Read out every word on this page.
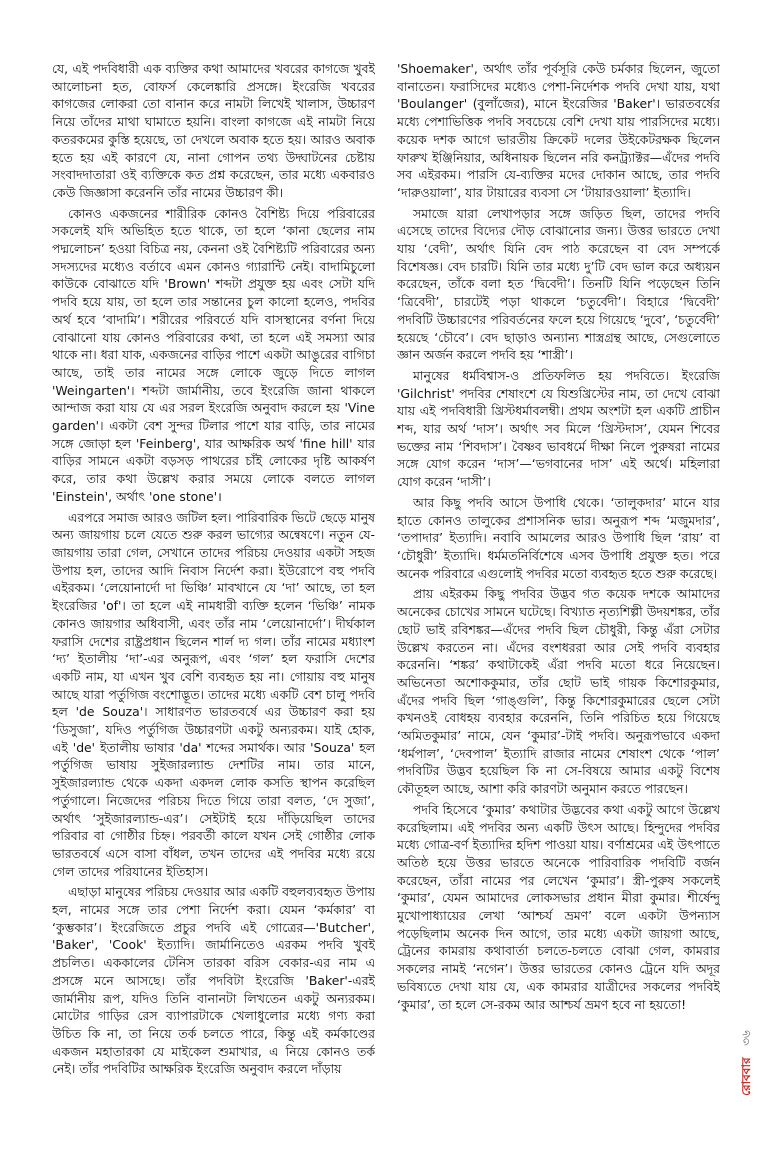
যে, এই পদবিধারী এক ব্যক্তির কথা আমাদের খবরের কাগজে খুবই আলোচনা হত, বোফর্স কেলেঙ্কারি প্রসঙ্গে। ইংরেজি খবরের কাগজের লোকরা তো বানান করে নামটা লিখেই খালাস, উচ্চারণ নিয়ে তাঁদের মাথা ঘামাতে হয়নি। বাংলা কাগজে এই নামটা নিয়ে কতরকমের কুস্তি হয়েছে, তা দেখলে অবাক হতে হয়। আরও অবাক হতে হয় এই কারণে যে, নানা গোপন তথ্য উদ্ঘাটনের চেষ্টায় সংবাদদাতারা ওই ব্যক্তিকে কত প্রশ্ন করেছেন, তার মধ্যে একবারও কেউ জিজ্ঞাসা করেননি তাঁর নামের উচ্চারণ কী।

কোনও একজনের শারীরিক কোনও বৈশিষ্ট্য দিয়ে পরিবারের সকলেই যদি অভিহিত হতে থাকে, তা হলে ‘কানা ছেলের নাম পদ্মলোচন’ হওয়া বিচিত্র নয়, কেননা ওই বৈশিষ্ট্যটি পরিবারের অন্য সদস্যদের মধ্যেও বর্তাবে এমন কোনও গ্যারান্টি নেই। বাদামিচুলো কাউকে বোঝাতে যদি 'Brown' শব্দটা প্রযুক্ত হয় এবং সেটা যদি পদবি হয়ে যায়, তা হলে তার সন্তানের চুল কালো হলেও, পদবির অর্থ হবে ‘বাদামি’। শরীরের পরিবর্তে যদি বাসস্থানের বর্ণনা দিয়ে বোঝানো যায় কোনও পরিবারের কথা, তা হলে এই সমস্যা আর থাকে না। ধরা যাক, একজনের বাড়ির পাশে একটা আঙুরের বাগিচা আছে, তাই তার নামের সঙ্গে লোকে জুড়ে দিতে লাগল 'Weingarten'। শব্দটা জার্মানীয়, তবে ইংরেজি জানা থাকলে আন্দাজ করা যায় যে এর সরল ইংরেজি অনুবাদ করলে হয় 'Vine garden'। একটা বেশ সুন্দর টিলার পাশে যার বাড়ি, তার নামের সঙ্গে জোড়া হল 'Feinberg', যার আক্ষরিক অর্থ 'fine hill' যার বাড়ির সামনে একটা বড়সড় পাথরের চাঁই লোকের দৃষ্টি আকর্ষণ করে, তার কথা উল্লেখ করার সময়ে লোকে বলতে লাগল 'Einstein', অর্থাৎ 'one stone'।

এরপরে সমাজ আরও জটিল হল। পারিবারিক ভিটে ছেড়ে মানুষ অন্য জায়গায় চলে যেতে শুরু করল ভাগ্যের অন্বেষণে। নতুন যে-জায়গায় তারা গেল, সেখানে তাদের পরিচয় দেওয়ার একটা সহজ উপায় হল, তাদের আদি নিবাস নির্দেশ করা। ইউরোপে বহু পদবি এইরকম। ‘লেয়োনার্দো দা ভিঞ্চি’ মাবখানে যে ‘দা’ আছে, তা হল ইংরেজির 'of'। তা হলে এই নামধারী ব্যক্তি হলেন ‘ভিঞ্চি’ নামক কোনও জায়গার অধিবাসী, এবং তাঁর নাম ‘লেয়োনার্দো’। দীর্ঘকাল ফরাসি দেশের রাষ্ট্রপ্রধান ছিলেন শার্ল দ্য গল। তাঁর নামের মধ্যাংশ ‘দ্য’ ইতালীয় ‘দা’-এর অনুরূপ, এবং ‘গল’ হল ফরাসি দেশের একটি নাম, যা এখন খুব বেশি ব্যবহৃত হয় না। গোয়ায় বহু মানুষ আছে যারা পর্তুগিজ বংশোদ্ভূত। তাদের মধ্যে একটি বেশ চালু পদবি হল 'de Souza'। সাধারণত ভারতবর্ষে এর উচ্চারণ করা হয় ‘ডিসুজা’, যদিও পর্তুগিজ উচ্চারণটা একটু অন্যরকম। যাই হোক, এই 'de' ইতালীয় ভাষার 'da' শব্দের সমার্থক। আর 'Souza' হল পর্তুগিজ ভাষায় সুইজারল্যান্ড দেশটির নাম। তার মানে, সুইজারল্যান্ড থেকে একদা একদল লোক কসতি স্থাপন করেছিল পর্তুগালে। নিজেদের পরিচয় দিতে গিয়ে তারা বলত, ‘দে সুজা’, অর্থাৎ ‘সুইজারল্যান্ড-এর’। সেইটাই হয়ে দাঁড়িয়েছিল তাদের পরিবার বা গোষ্ঠীর চিহ্ন। পরবর্তী কালে যখন সেই গোষ্ঠীর লোক ভারতবর্ষে এসে বাসা বাঁধল, তখন তাদের এই পদবির মধ্যে রয়ে গেল তাদের পরিযানের ইতিহাস।

এছাড়া মানুষের পরিচয় দেওয়ার আর একটি বহুলব্যবহৃত উপায় হল, নামের সঙ্গে তার পেশা নির্দেশ করা। যেমন ‘কর্মকার’ বা ‘কুম্ভকার’। ইংরেজিতে প্রচুর পদবি এই গোত্রের—'Butcher', 'Baker', 'Cook' ইত্যাদি। জার্মানিতেও এরকম পদবি খুবই প্রচলিত। এককালের টেনিস তারকা বরিস বেকার-এর নাম এ প্রসঙ্গে মনে আসছে। তাঁর পদবিটা ইংরেজি 'Baker'-এরই জার্মানীয় রূপ, যদিও তিনি বানানটা লিখতেন একটু অন্যরকম। মোটোর গাড়ির রেস ব্যাপারটাকে খেলাধুলোর মধ্যে গণ্য করা উচিত কি না, তা নিয়ে তর্ক চলতে পারে, কিন্তু এই কর্মকাণ্ডের একজন মহাতারকা যে মাইকেল শুমাখার, এ নিয়ে কোনও তর্ক নেই। তাঁর পদবিটির আক্ষরিক ইংরেজি অনুবাদ করলে দাঁড়ায়

'Shoemaker', অর্থাৎ তাঁর পূর্বসূরি কেউ চর্মকার ছিলেন, জুতো বানাতেন। ফরাসিদের মধ্যেও পেশা-নির্দেশক পদবি দেখা যায়, যথা 'Boulanger' (বুলাঁজের), মানে ইংরেজির 'Baker'। ভারতবর্ষের মধ্যে পেশাভিত্তিক পদবি সবচেয়ে বেশি দেখা যায় পারসিদের মধ্যে। কয়েক দশক আগে ভারতীয় ক্রিকেট দলের উইকেটরক্ষক ছিলেন ফারুখ ইঞ্জিনিয়ার, অধিনায়ক ছিলেন নরি কনট্র্যাক্টর—এঁদের পদবি সব এইরকম। পারসি যে-ব্যক্তির মদের দোকান আছে, তার পদবি ‘দারুওয়ালা’, যার টায়ারের ব্যবসা সে ‘টায়ারওয়ালা’ ইত্যাদি।

সমাজে যারা লেখাপড়ার সঙ্গে জড়িত ছিল, তাদের পদবি এসেছে তাদের বিদ্যের দৌড় বোঝানোর জন্য। উত্তর ভারতে দেখা যায় ‘বেদী’, অর্থাৎ যিনি বেদ পাঠ করেছেন বা বেদ সম্পর্কে বিশেষজ্ঞ। বেদ চারটি। যিনি তার মধ্যে দু’টি বেদ ভাল করে অধ্যয়ন করেছেন, তাঁকে বলা হত ‘দ্বিবেদী’। তিনটি যিনি পড়েছেন তিনি ‘ত্রিবেদী’, চারটেই পড়া থাকলে ‘চতুর্বেদী’। বিহারে ‘দ্বিবেদী’ পদবিটি উচ্চারণের পরিবর্তনের ফলে হয়ে গিয়েছে ‘দুবে’, ‘চতুর্বেদী’ হয়েছে ‘চৌবে’। বেদ ছাড়াও অন্যান্য শাস্ত্রগ্রন্থ আছে, সেগুলোতে জ্ঞান অর্জন করলে পদবি হয় ‘শাস্ত্রী’।

মানুষের ধর্মবিশ্বাস-ও প্রতিফলিত হয় পদবিতে। ইংরেজি 'Gilchrist' পদবির শেষাংশে যে যিশুখ্রিস্টের নাম, তা দেখে বোঝা যায় এই পদবিধারী খ্রিস্টধর্মাবলম্বী। প্রথম অংশটা হল একটি প্রাচীন শব্দ, যার অর্থ ‘দাস’। অর্থাৎ সব মিলে ‘খ্রিস্টদাস’, যেমন শিবের ভক্তের নাম ‘শিবদাস’। বৈষ্ণব ভাবধর্মে দীক্ষা নিলে পুরুষরা নামের সঙ্গে যোগ করেন ‘দাস’—‘ভগবানের দাস’ এই অর্থে। মহিলারা যোগ করেন ‘দাসী’।

আর কিছু পদবি আসে উপাধি থেকে। ‘তালুকদার’ মানে যার হাতে কোনও তালুকের প্রশাসনিক ভার। অনুরূপ শব্দ ‘মজুমদার’, ‘তপাদার’ ইত্যাদি। নবাবি আমলের আরও উপাধি ছিল ‘রায়’ বা ‘চৌধুরী’ ইত্যাদি। ধর্মমতনির্বিশেষে এসব উপাধি প্রযুক্ত হত। পরে অনেক পরিবারে এগুলোই পদবির মতো ব্যবহৃত হতে শুরু করেছে।

প্রায় এইরকম কিছু পদবির উদ্ভব গত কয়েক দশকে আমাদের অনেকের চোখের সামনে ঘটেছে। বিখ্যাত নৃত্যশিল্পী উদয়শঙ্কর, তাঁর ছোট ভাই রবিশঙ্কর—এঁদের পদবি ছিল চৌধুরী, কিন্তু এঁরা সেটার উল্লেখ করতেন না। এঁদের বংশধররা আর সেই পদবি ব্যবহার করেননি। ‘শঙ্কর’ কথাটাকেই এঁরা পদবি মতো ধরে নিয়েছেন। অভিনেতা অশোককুমার, তাঁর ছোট ভাই গায়ক কিশোরকুমার, এঁদের পদবি ছিল ‘গাঙ্গুলি’, কিন্তু কিশোরকুমারের ছেলে সেটা কখনওই বোধহয় ব্যবহার করেননি, তিনি পরিচিত হয়ে গিয়েছে ‘অমিতকুমার’ নামে, যেন ‘কুমার’-টাই পদবি। অনুরূপভাবে একদা ‘ধর্মপাল’, ‘দেবপাল’ ইত্যাদি রাজার নামের শেষাংশ থেকে ‘পাল’ পদবিটির উদ্ভব হয়েছিল কি না সে-বিষয়ে আমার একটু বিশেষ কৌতূহল আছে, আশা করি কারণটা অনুমান করতে পারছেন।

পদবি হিসেবে ‘কুমার’ কথাটার উদ্ভবের কথা একটু আগে উল্লেখ করেছিলাম। এই পদবির অন্য একটি উৎস আছে। হিন্দুদের পদবির মধ্যে গোত্র-বর্ণ ইত্যাদির হদিশ পাওয়া যায়। বর্ণাশ্রমের এই উৎপাতে অতিষ্ঠ হয়ে উত্তর ভারতে অনেকে পারিবারিক পদবিটি বর্জন করেছেন, তাঁরা নামের পর লেখেন ‘কুমার’। স্ত্রী-পুরুষ সকলেই ‘কুমার’, যেমন আমাদের লোকসভার প্রধান মীরা কুমার। শীর্ষেন্দু মুখোপাধ্যায়ের লেখা ‘আশ্চর্য ভ্রমণ’ বলে একটা উপন্যাস পড়েছিলাম অনেক দিন আগে, তার মধ্যে একটা জায়গা আছে, ট্রেনের কামরায় কথাবার্তা চলতে-চলতে বোঝা গেল, কামরার সকলের নামই ‘নগেন’। উত্তর ভারতের কোনও ট্রেনে যদি অদূর ভবিষ্যতে দেখা যায় যে, এক কামরার যাত্রীদের সকলের পদবিই ‘কুমার’, তা হলে সে-রকম আর আশ্চর্য ভ্রমণ হবে না হয়তো!

রোববার ৩৬
